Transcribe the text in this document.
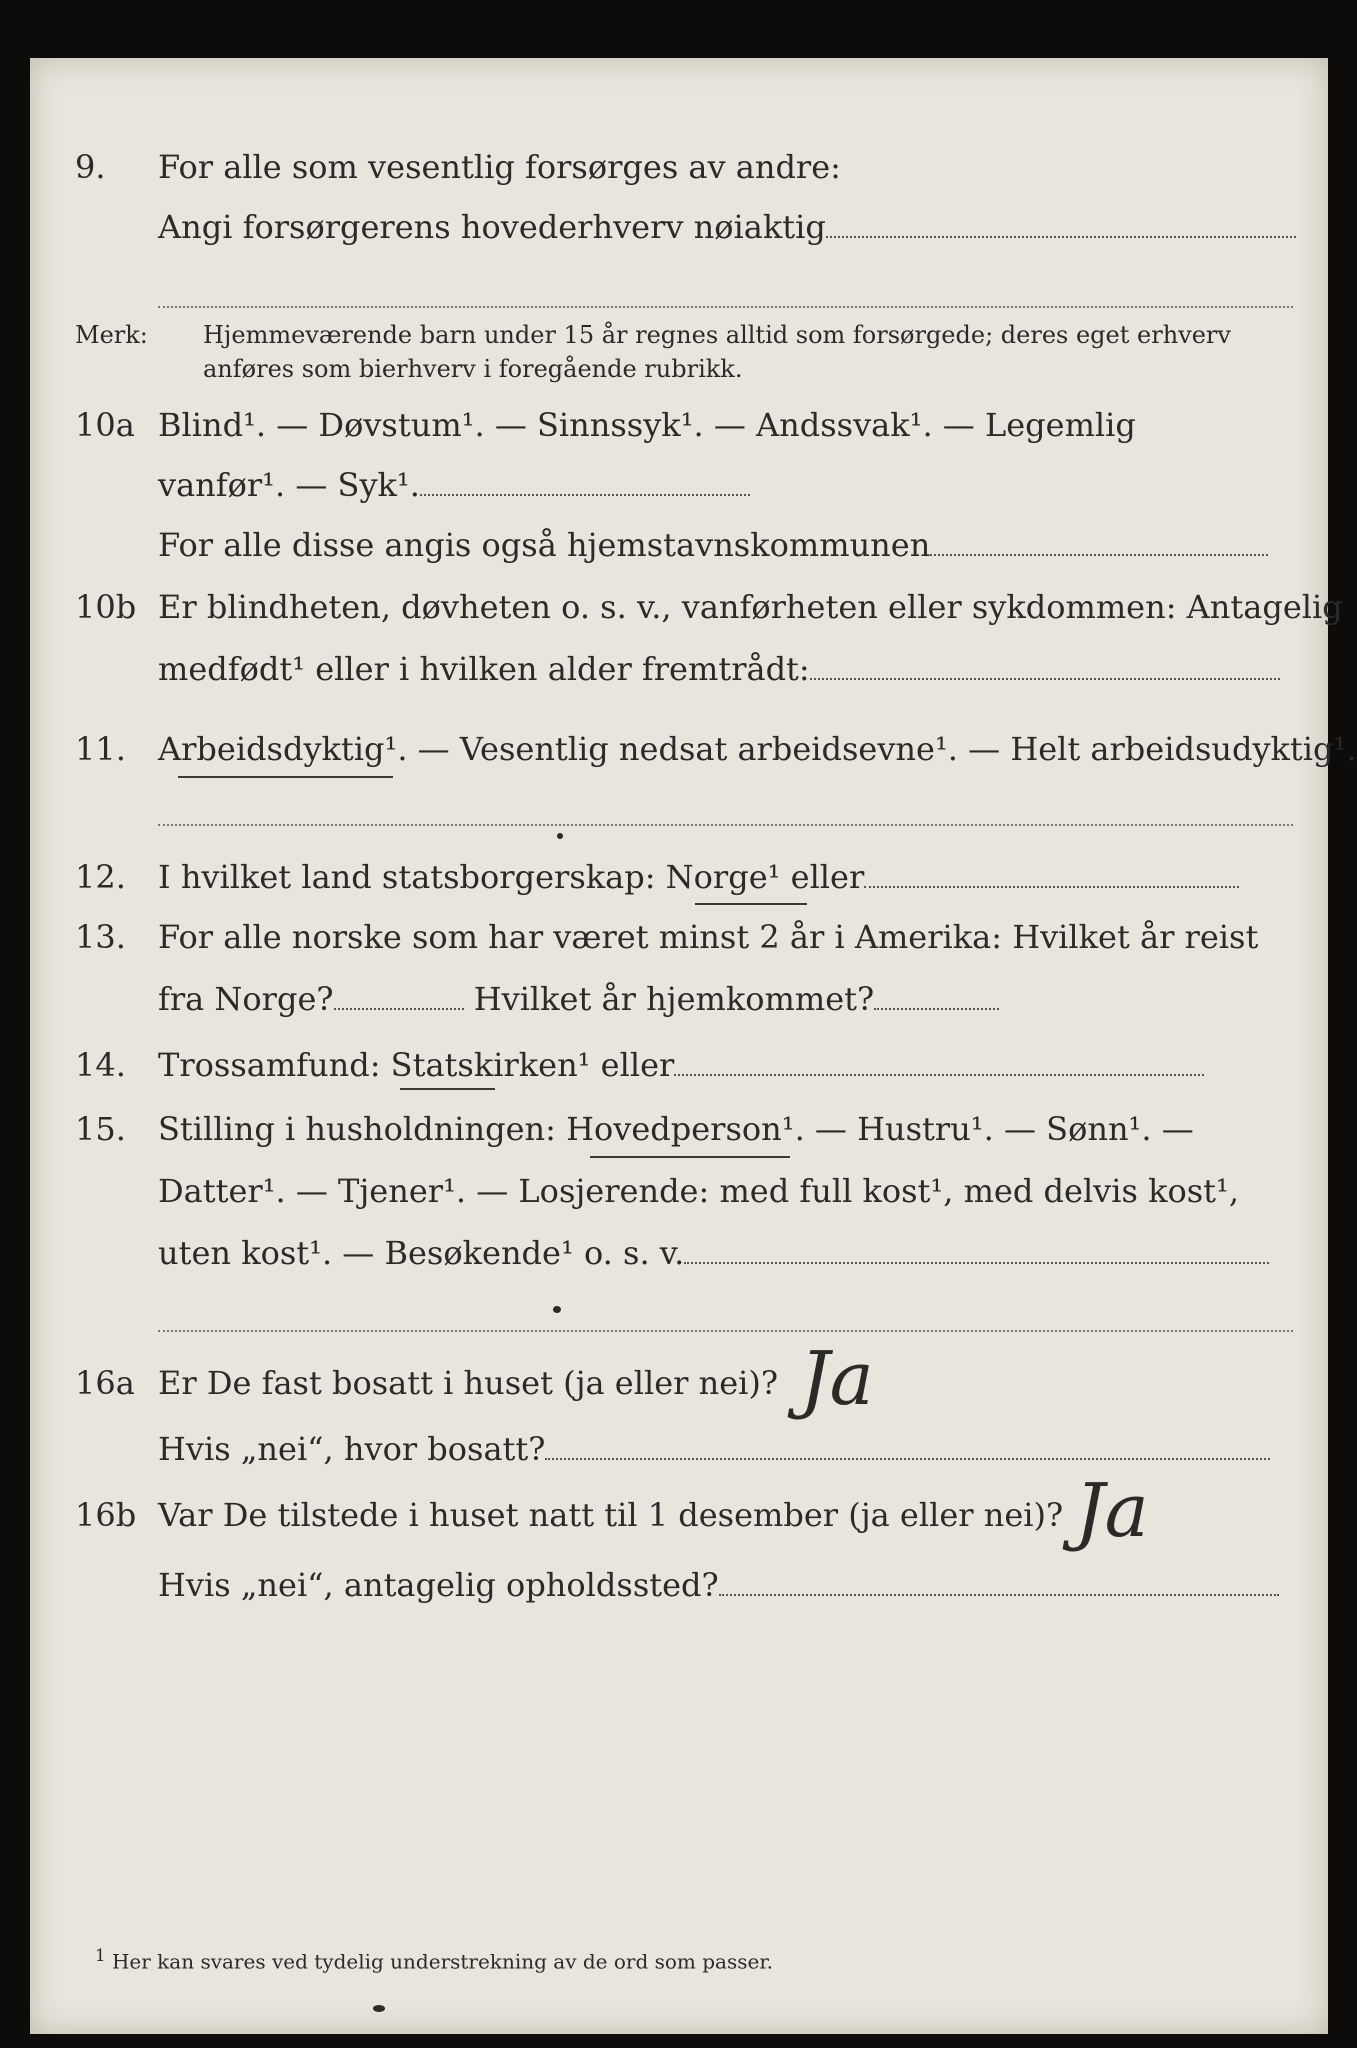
9. For alle som vesentlig forsørges av andre:
Angi forsørgerens hovederhverv nøiaktig
Merk: Hjemmeværende barn under 15 år regnes alltid som forsørgede; deres eget erhverv
anføres som bierhverv i foregående rubrikk.
10a Blind¹. — Døvstum¹. — Sinnssyk¹. — Andssvak¹. — Legemlig
vanfør¹. — Syk¹.
For alle disse angis også hjemstavnskommunen
10b Er blindheten, døvheten o. s. v., vanførheten eller sykdommen: Antagelig
medfødt¹ eller i hvilken alder fremtrådt:
11. Arbeidsdyktig¹. — Vesentlig nedsat arbeidsevne¹. — Helt arbeidsudyktig¹.
12. I hvilket land statsborgerskap: Norge¹ eller
13. For alle norske som har været minst 2 år i Amerika: Hvilket år reist
fra Norge?	Hvilket år hjemkommet?
14. Trossamfund: Statskirken¹ eller
15. Stilling i husholdningen: Hovedperson¹. — Hustru¹. — Sønn¹. —
Datter¹. — Tjener¹. — Losjerende: med full kost¹, med delvis kost¹,
uten kost¹. — Besøkende¹ o. s. v.
16a Er De fast bosatt i huset (ja eller nei)? Ja
Hvis „nei“, hvor bosatt?
16b Var De tilstede i huset natt til 1 desember (ja eller nei)? Ja
Hvis „nei“, antagelig opholdssted?
$^1$ Her kan svares ved tydelig understrekning av de ord som passer.
